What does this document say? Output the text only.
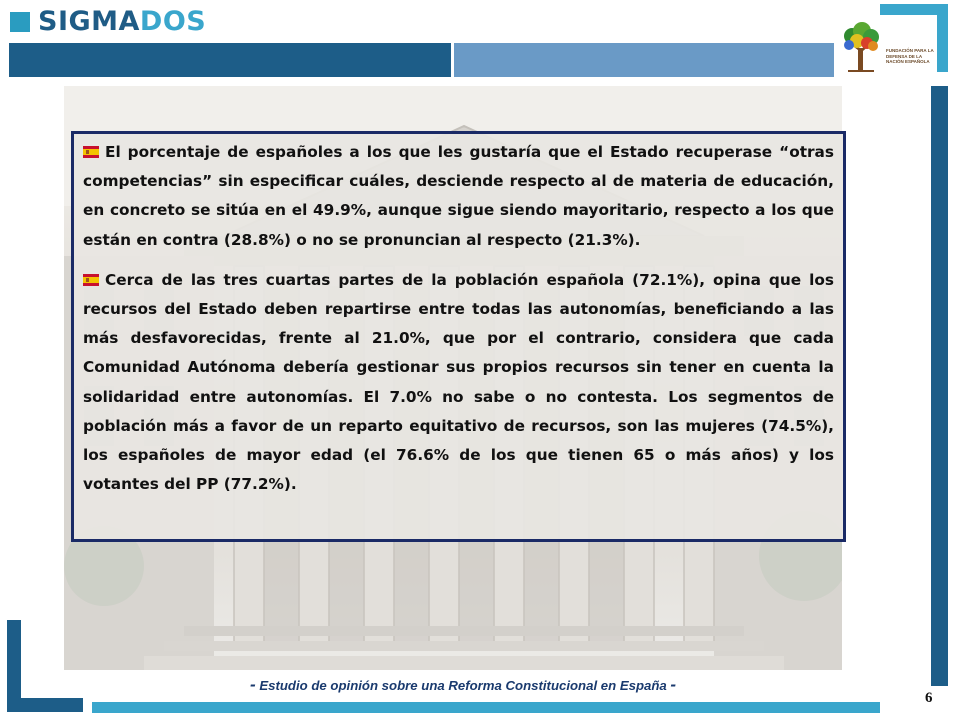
SIGMADOS
FUNDACIÓN PARA LA DEFENSA DE LA NACIÓN ESPAÑOLA

El porcentaje de españoles a los que les gustaría que el Estado recuperase “otras competencias” sin especificar cuáles, desciende respecto al de materia de educación, en concreto se sitúa en el 49.9%, aunque sigue siendo mayoritario, respecto a los que están en contra (28.8%) o no se pronuncian al respecto (21.3%).

Cerca de las tres cuartas partes de la población española (72.1%), opina que los recursos del Estado deben repartirse entre todas las autonomías, beneficiando a las más desfavorecidas, frente al 21.0%, que por el contrario, considera que cada Comunidad Autónoma debería gestionar sus propios recursos sin tener en cuenta la solidaridad entre autonomías. El 7.0% no sabe o no contesta. Los segmentos de población más a favor de un reparto equitativo de recursos, son las mujeres (74.5%), los españoles de mayor edad (el 76.6% de los que tienen 65 o más años) y los votantes del PP (77.2%).

- Estudio de opinión sobre una Reforma Constitucional en España -
6
